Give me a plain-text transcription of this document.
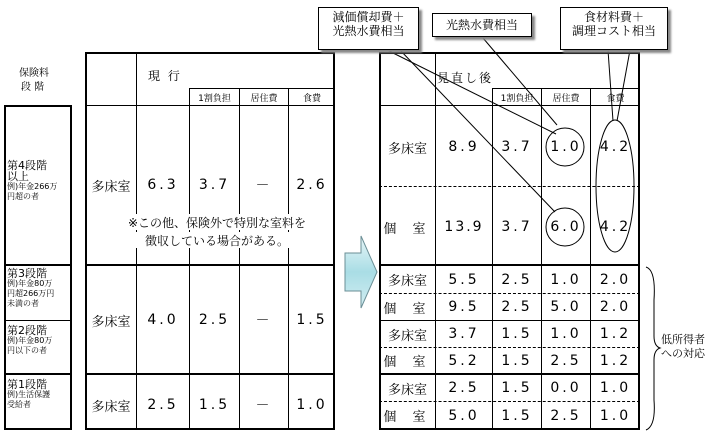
保険料
段 階
第4段階
以上
例)年金266万
円超の者
第3段階
例)年金80万
円超266万円
未満の者
第2段階
例)年金80万
円以下の者
第1段階
例)生活保護
受給者
現 行
1割負担	居住費	食費
多床室	6.3	3.7	－	2.6
※この他、保険外で特別な室料を
徴収している場合がある。
多床室	4.0	2.5	－	1.5
多床室	2.5	1.5	－	1.0
見直し後
1割負担	居住費	食費
多床室	8.9	3.7	1.0	4.2
個 室 13.9	3.7	6.0	4.2
多床室	5.5	2.5	1.0	2.0
個 室	9.5	2.5	5.0	2.0
多床室	3.7	1.5	1.0	1.2
個 室	5.2	1.5	2.5	1.2
多床室	2.5	1.5	0.0	1.0
個 室	5.0	1.5	2.5	1.0
減価償却費＋
光熱水費相当	光熱水費相当
食材料費＋
調理コスト相当
低所得者
への対応
